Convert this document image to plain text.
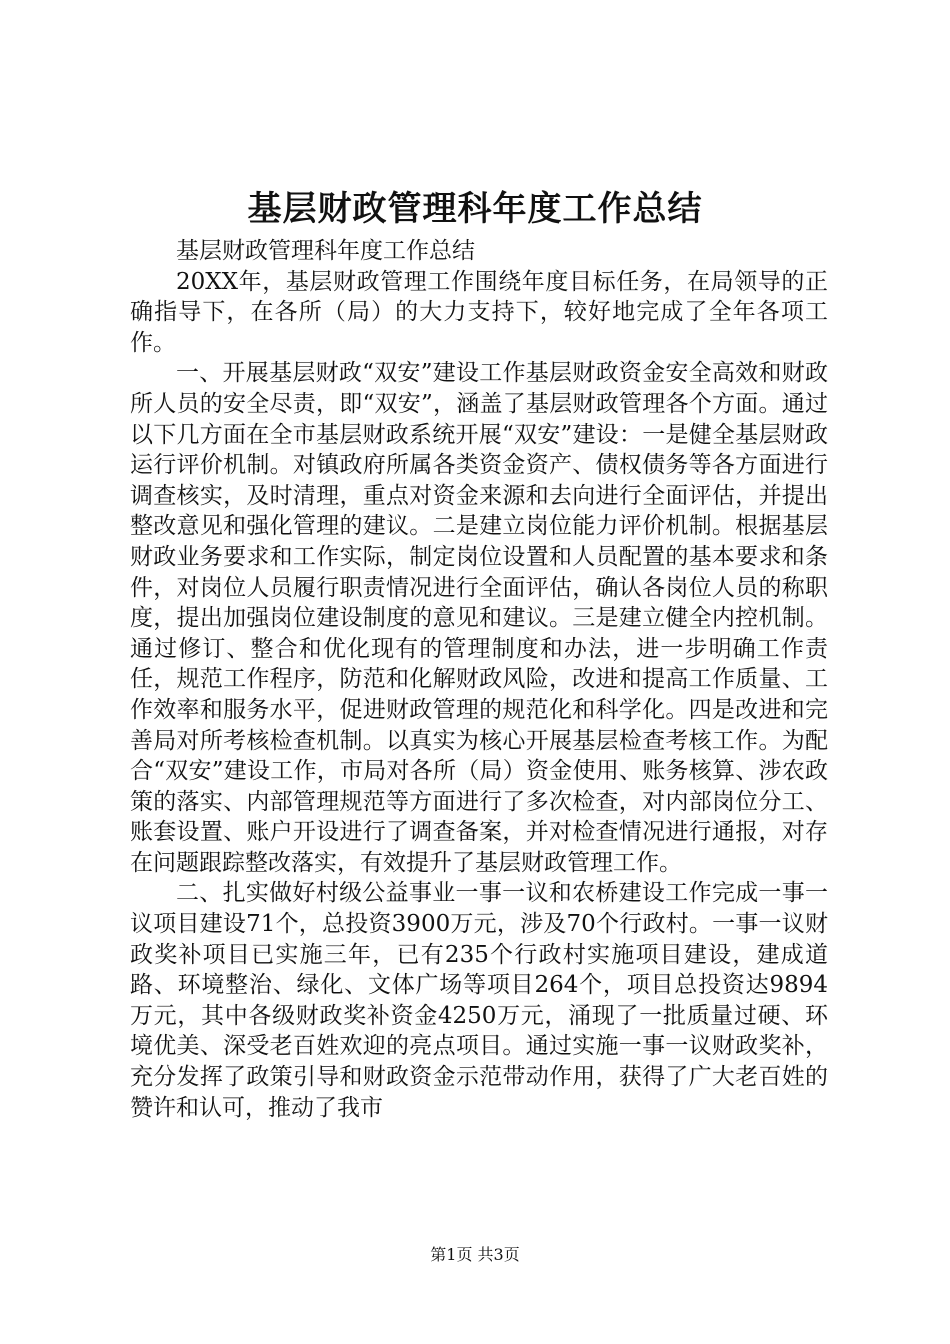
基层财政管理科年度工作总结

基层财政管理科年度工作总结

20XX年，基层财政管理工作围绕年度目标任务，在局领导的正确指导下，在各所（局）的大力支持下，较好地完成了全年各项工作。

一、开展基层财政“双安”建设工作基层财政资金安全高效和财政所人员的安全尽责，即“双安”，涵盖了基层财政管理各个方面。通过以下几方面在全市基层财政系统开展“双安”建设：一是健全基层财政运行评价机制。对镇政府所属各类资金资产、债权债务等各方面进行调查核实，及时清理，重点对资金来源和去向进行全面评估，并提出整改意见和强化管理的建议。二是建立岗位能力评价机制。根据基层财政业务要求和工作实际，制定岗位设置和人员配置的基本要求和条件，对岗位人员履行职责情况进行全面评估，确认各岗位人员的称职度，提出加强岗位建设制度的意见和建议。三是建立健全内控机制。通过修订、整合和优化现有的管理制度和办法，进一步明确工作责任，规范工作程序，防范和化解财政风险，改进和提高工作质量、工作效率和服务水平，促进财政管理的规范化和科学化。四是改进和完善局对所考核检查机制。以真实为核心开展基层检查考核工作。为配合“双安”建设工作，市局对各所（局）资金使用、账务核算、涉农政策的落实、内部管理规范等方面进行了多次检查，对内部岗位分工、账套设置、账户开设进行了调查备案，并对检查情况进行通报，对存在问题跟踪整改落实，有效提升了基层财政管理工作。

二、扎实做好村级公益事业一事一议和农桥建设工作完成一事一议项目建设71个，总投资3900万元，涉及70个行政村。一事一议财政奖补项目已实施三年，已有235个行政村实施项目建设，建成道路、环境整治、绿化、文体广场等项目264个，项目总投资达9894万元，其中各级财政奖补资金4250万元，涌现了一批质量过硬、环境优美、深受老百姓欢迎的亮点项目。通过实施一事一议财政奖补，充分发挥了政策引导和财政资金示范带动作用，获得了广大老百姓的赞许和认可，推动了我市

第1页 共3页
